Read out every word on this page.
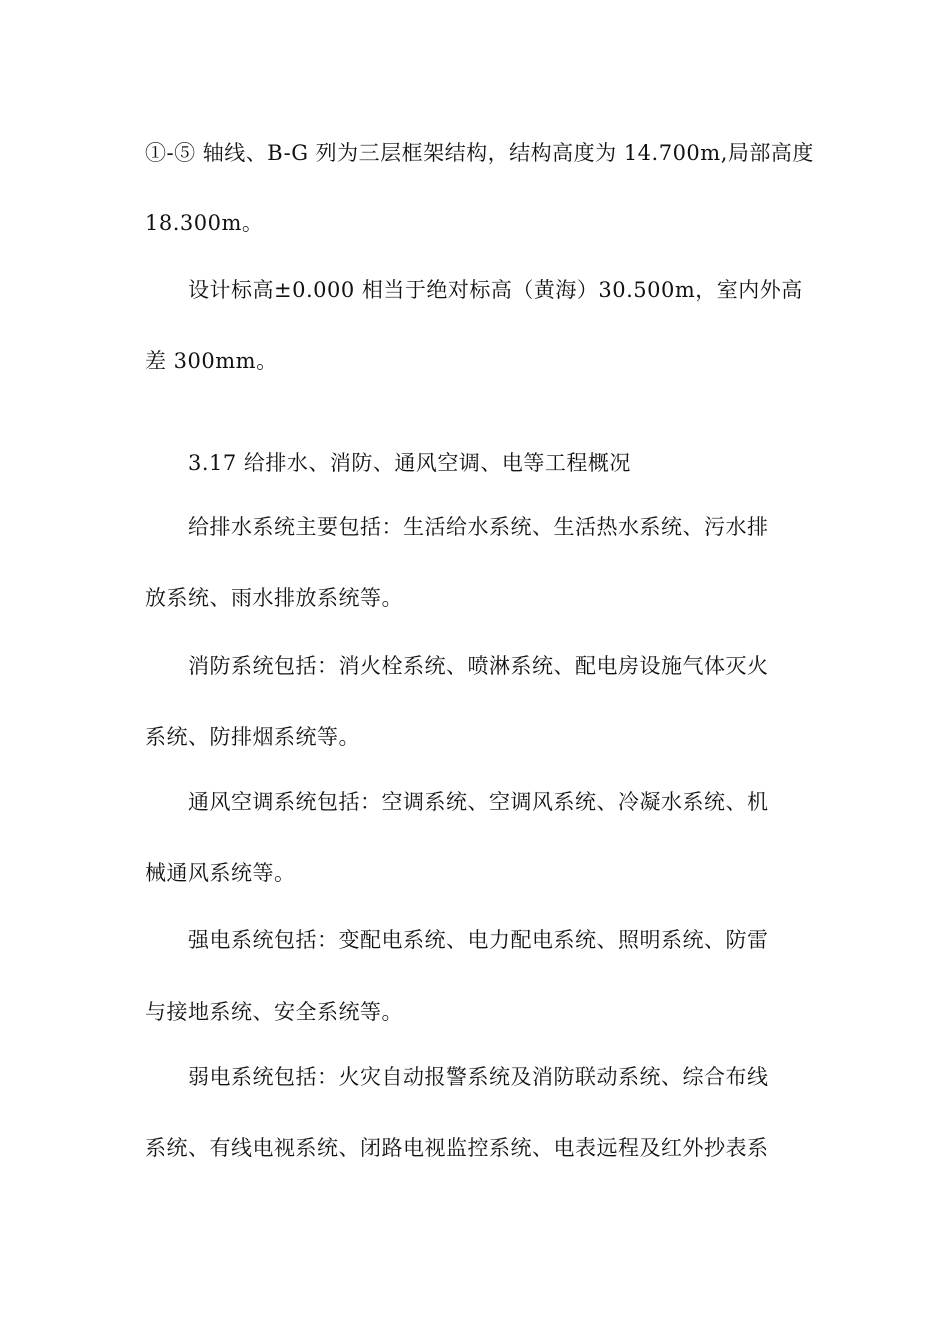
①-⑤ 轴线、B-G 列为三层框架结构，结构高度为 14.700m,局部高度
18.300m。
设计标高±0.000 相当于绝对标高（黄海）30.500m，室内外高
差 300mm。
3.17 给排水、消防、通风空调、电等工程概况
给排水系统主要包括：生活给水系统、生活热水系统、污水排
放系统、雨水排放系统等。
消防系统包括：消火栓系统、喷淋系统、配电房设施气体灭火
系统、防排烟系统等。
通风空调系统包括：空调系统、空调风系统、冷凝水系统、机
械通风系统等。
强电系统包括：变配电系统、电力配电系统、照明系统、防雷
与接地系统、安全系统等。
弱电系统包括：火灾自动报警系统及消防联动系统、综合布线
系统、有线电视系统、闭路电视监控系统、电表远程及红外抄表系
